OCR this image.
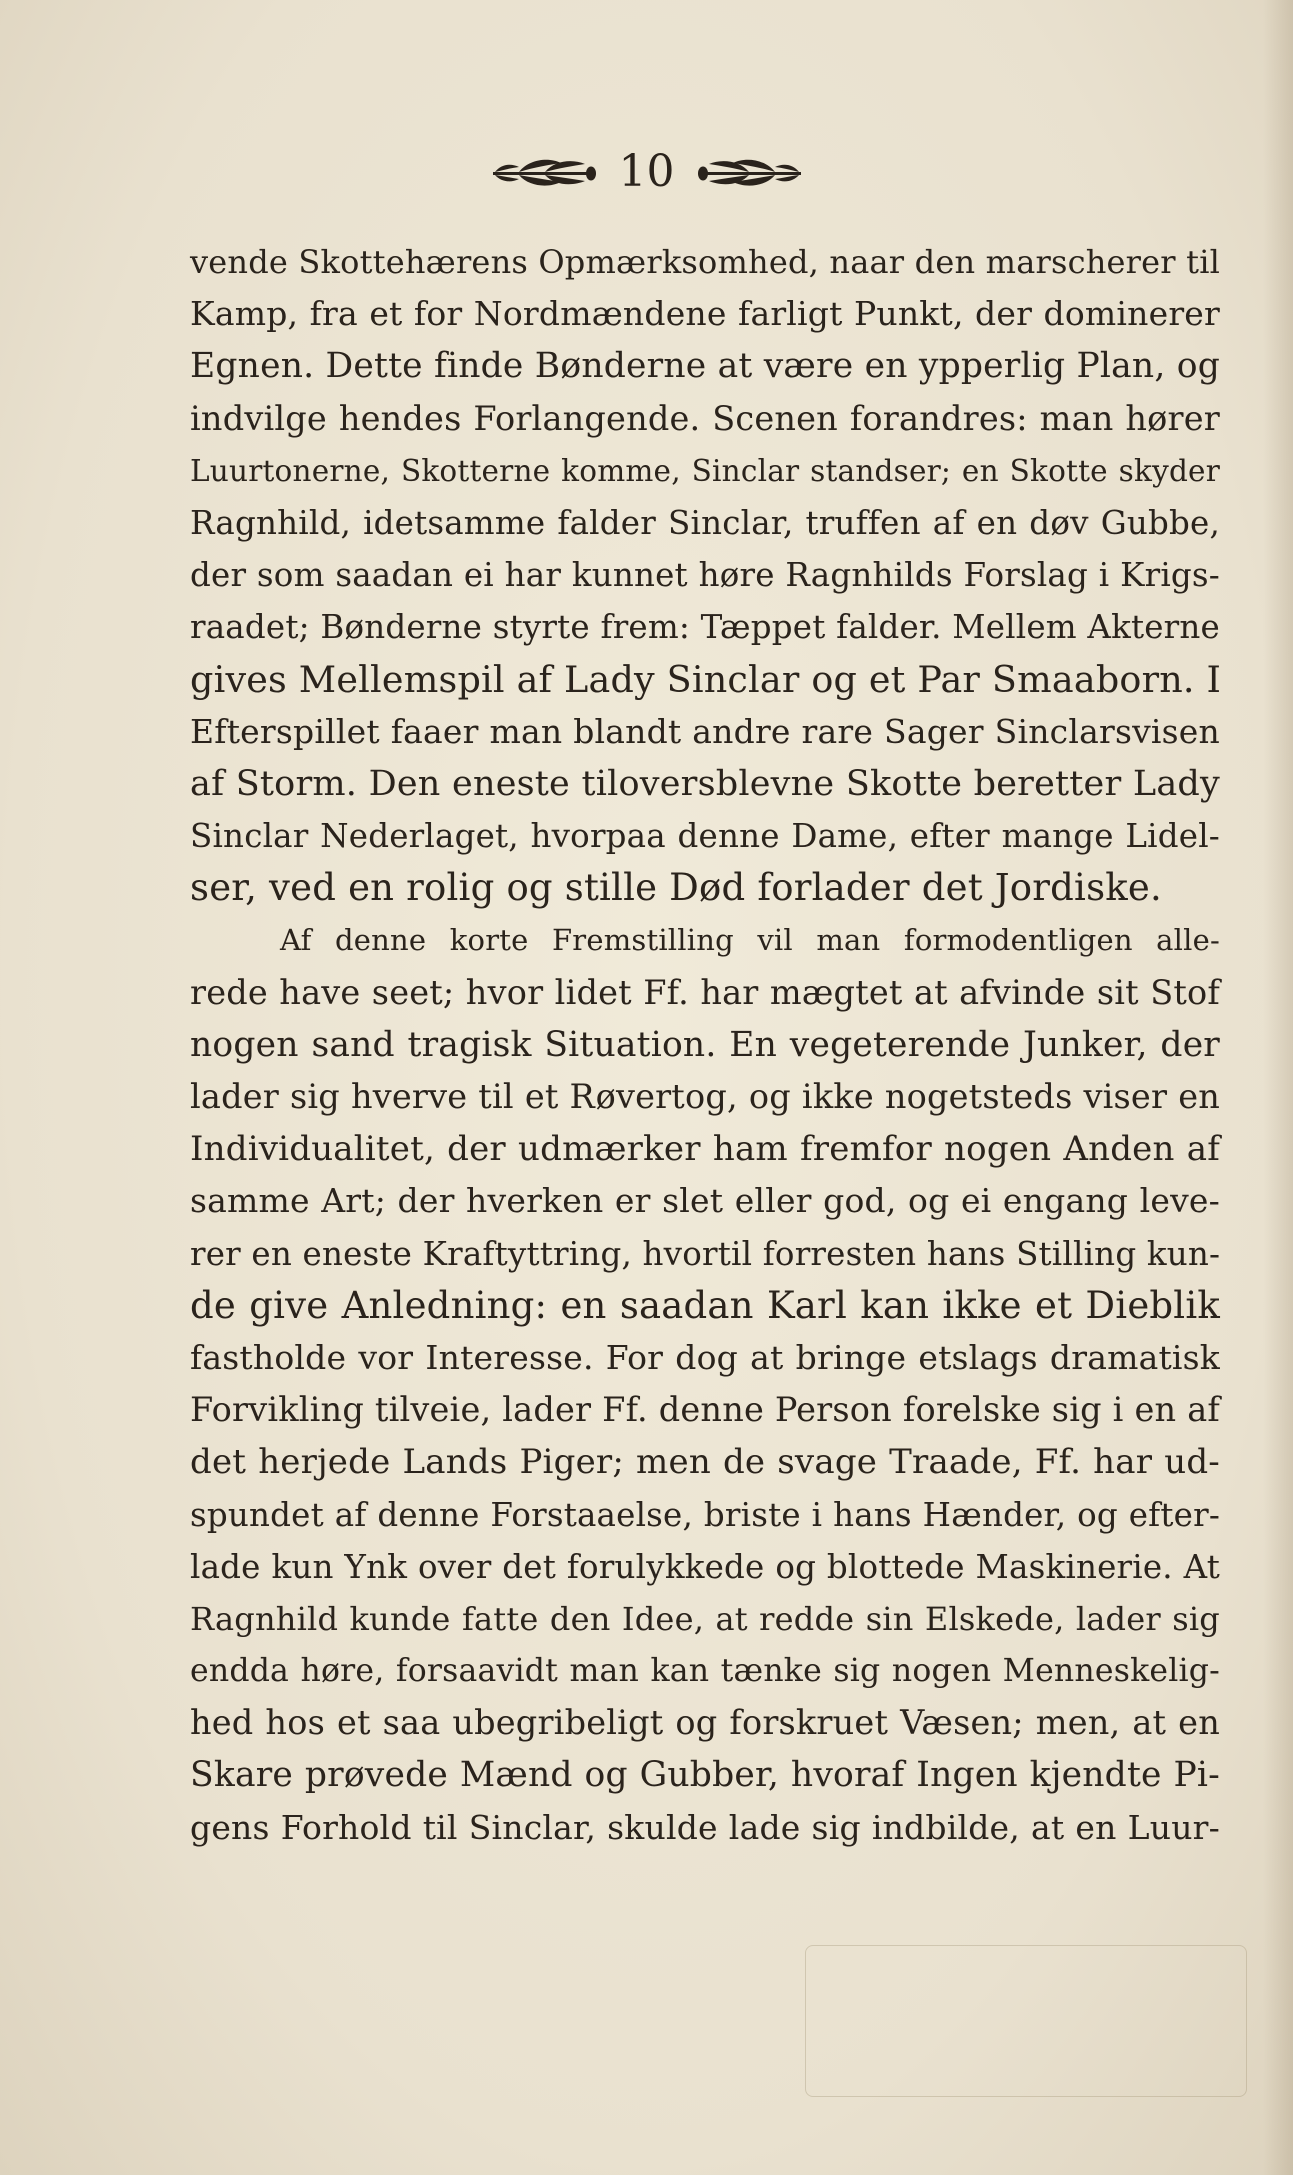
10
vende Skottehærens Opmærksomhed, naar den marscherer til
Kamp, fra et for Nordmændene farligt Punkt, der dominerer
Egnen. Dette finde Bønderne at være en ypperlig Plan, og
indvilge hendes Forlangende. Scenen forandres: man hører
Luurtonerne, Skotterne komme, Sinclar standser; en Skotte skyder
Ragnhild, idetsamme falder Sinclar, truffen af en døv Gubbe,
der som saadan ei har kunnet høre Ragnhilds Forslag i Krigs-
raadet; Bønderne styrte frem: Tæppet falder. Mellem Akterne
gives Mellemspil af Lady Sinclar og et Par Smaaborn. I
Efterspillet faaer man blandt andre rare Sager Sinclarsvisen
af Storm. Den eneste tiloversblevne Skotte beretter Lady
Sinclar Nederlaget, hvorpaa denne Dame, efter mange Lidel-
ser, ved en rolig og stille Død forlader det Jordiske.
Af denne korte Fremstilling vil man formodentligen alle-
rede have seet; hvor lidet Ff. har mægtet at afvinde sit Stof
nogen sand tragisk Situation. En vegeterende Junker, der
lader sig hverve til et Røvertog, og ikke nogetsteds viser en
Individualitet, der udmærker ham fremfor nogen Anden af
samme Art; der hverken er slet eller god, og ei engang leve-
rer en eneste Kraftyttring, hvortil forresten hans Stilling kun-
de give Anledning: en saadan Karl kan ikke et Dieblik
fastholde vor Interesse. For dog at bringe etslags dramatisk
Forvikling tilveie, lader Ff. denne Person forelske sig i en af
det herjede Lands Piger; men de svage Traade, Ff. har ud-
spundet af denne Forstaaelse, briste i hans Hænder, og efter-
lade kun Ynk over det forulykkede og blottede Maskinerie. At
Ragnhild kunde fatte den Idee, at redde sin Elskede, lader sig
endda høre, forsaavidt man kan tænke sig nogen Menneskelig-
hed hos et saa ubegribeligt og forskruet Væsen; men, at en
Skare prøvede Mænd og Gubber, hvoraf Ingen kjendte Pi-
gens Forhold til Sinclar, skulde lade sig indbilde, at en Luur-
